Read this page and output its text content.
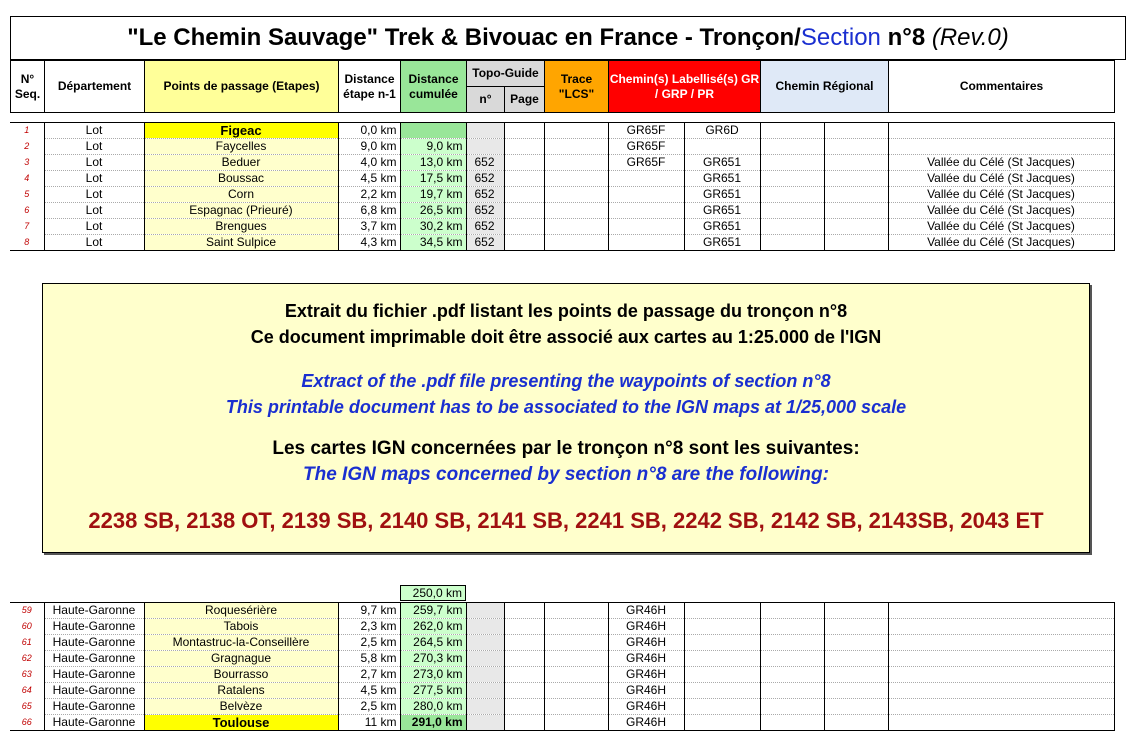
"Le Chemin Sauvage" Trek & Bivouac en France - Tronçon/Section n°8 (Rev.0)
N° Seq.	Département	Points de passage (Etapes)	Distance étape n-1	Distance cumulée	Topo-Guide		Trace "LCS"	Chemin(s) Labellisé(s) GR / GRP / PR	Chemin Régional	Commentaires
					n°	Page				
1	Lot	Figeac	0,0 km					GR65F	GR6D			
2	Lot	Faycelles	9,0 km	9,0 km				GR65F				
3	Lot	Beduer	4,0 km	13,0 km	652			GR65F	GR651			Vallée du Célé (St Jacques)
4	Lot	Boussac	4,5 km	17,5 km	652				GR651			Vallée du Célé (St Jacques)
5	Lot	Corn	2,2 km	19,7 km	652				GR651			Vallée du Célé (St Jacques)
6	Lot	Espagnac (Prieuré)	6,8 km	26,5 km	652				GR651			Vallée du Célé (St Jacques)
7	Lot	Brengues	3,7 km	30,2 km	652				GR651			Vallée du Célé (St Jacques)
8	Lot	Saint Sulpice	4,3 km	34,5 km	652				GR651			Vallée du Célé (St Jacques)
Extrait du fichier .pdf listant les points de passage du tronçon n°8
Ce document imprimable doit être associé aux cartes au 1:25.000 de l'IGN
Extract of the .pdf file presenting the waypoints of section n°8
This printable document has to be associated to the IGN maps at 1/25,000 scale
Les cartes IGN concernées par le tronçon n°8 sont les suivantes:
The IGN maps concerned by section n°8 are the following:
2238 SB, 2138 OT, 2139 SB, 2140 SB, 2141 SB, 2241 SB, 2242 SB, 2142 SB, 2143SB, 2043 ET
250,0 km
59	Haute-Garonne	Roquesérière	9,7 km	259,7 km				GR46H				
60	Haute-Garonne	Tabois	2,3 km	262,0 km				GR46H				
61	Haute-Garonne	Montastruc-la-Conseillère	2,5 km	264,5 km				GR46H				
62	Haute-Garonne	Gragnague	5,8 km	270,3 km				GR46H				
63	Haute-Garonne	Bourrasso	2,7 km	273,0 km				GR46H				
64	Haute-Garonne	Ratalens	4,5 km	277,5 km				GR46H				
65	Haute-Garonne	Belvèze	2,5 km	280,0 km				GR46H				
66	Haute-Garonne	Toulouse	11 km	291,0 km				GR46H				
